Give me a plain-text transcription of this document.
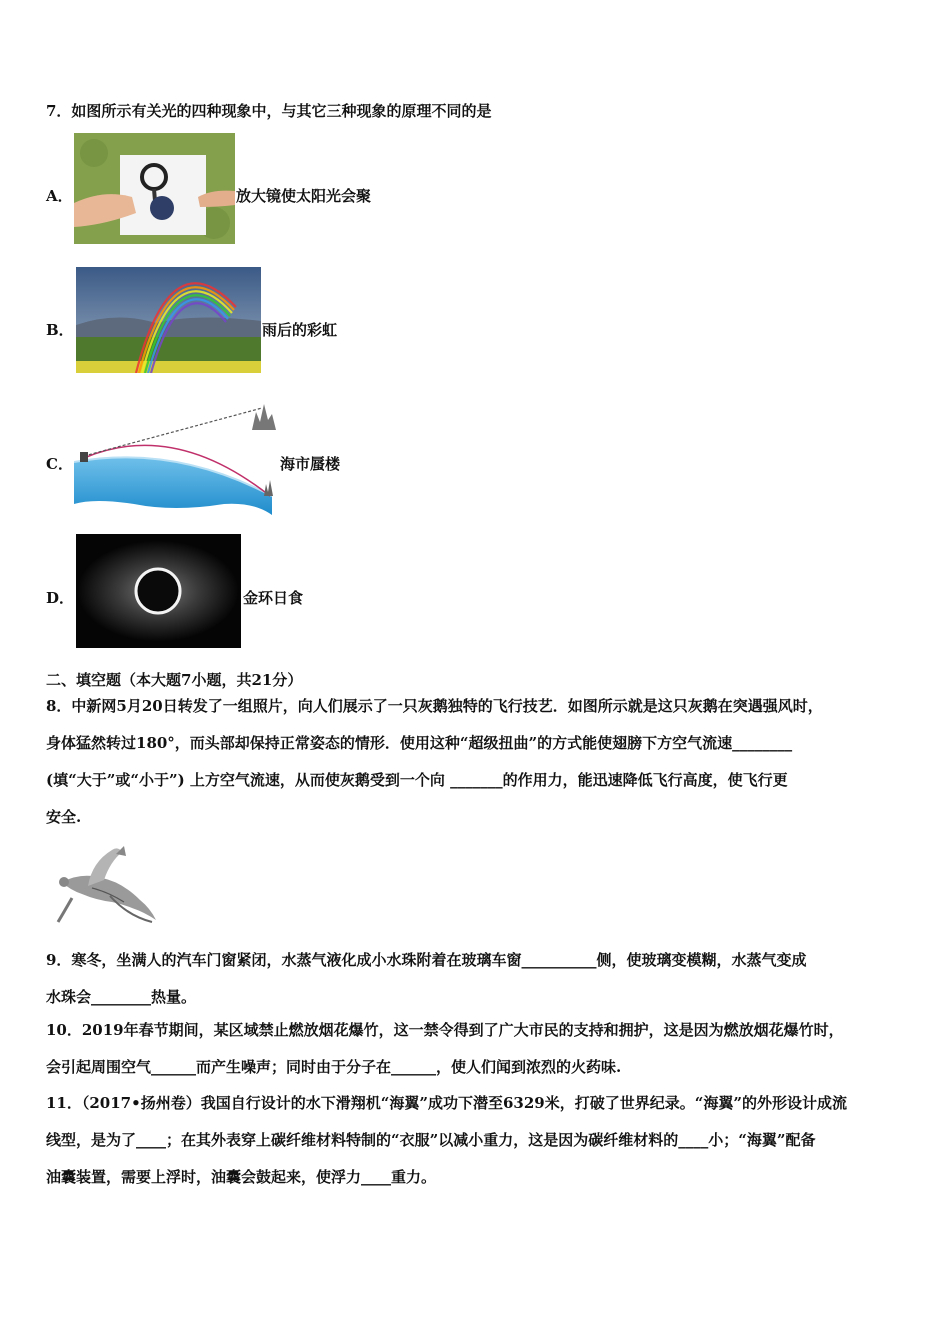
7．如图所示有关光的四种现象中，与其它三种现象的原理不同的是
A．	放大镜使太阳光会聚
B．	雨后的彩虹
C．	海市蜃楼
D．	金环日食
二、填空题（本大题7小题，共21分）
8．中新网5月20日转发了一组照片，向人们展示了一只灰鹅独特的飞行技艺．如图所示就是这只灰鹅在突遇强风时，
身体猛然转过180°，而头部却保持正常姿态的情形．使用这种“超级扭曲”的方式能使翅膀下方空气流速________
(填“大于”或“小于”) 上方空气流速，从而使灰鹅受到一个向 _______的作用力，能迅速降低飞行高度，使飞行更
安全.
9．寒冬，坐满人的汽车门窗紧闭，水蒸气液化成小水珠附着在玻璃车窗__________侧，使玻璃变模糊，水蒸气变成
水珠会________热量。
10．2019年春节期间，某区域禁止燃放烟花爆竹，这一禁令得到了广大市民的支持和拥护，这是因为燃放烟花爆竹时，
会引起周围空气______而产生噪声；同时由于分子在______，使人们闻到浓烈的火药味.
11．（2017•扬州卷）我国自行设计的水下滑翔机“海翼”成功下潜至6329米，打破了世界纪录。“海翼”的外形设计成流
线型，是为了____；在其外表穿上碳纤维材料特制的“衣服”以减小重力，这是因为碳纤维材料的____小；“海翼”配备
油囊装置，需要上浮时，油囊会鼓起来，使浮力____重力。
